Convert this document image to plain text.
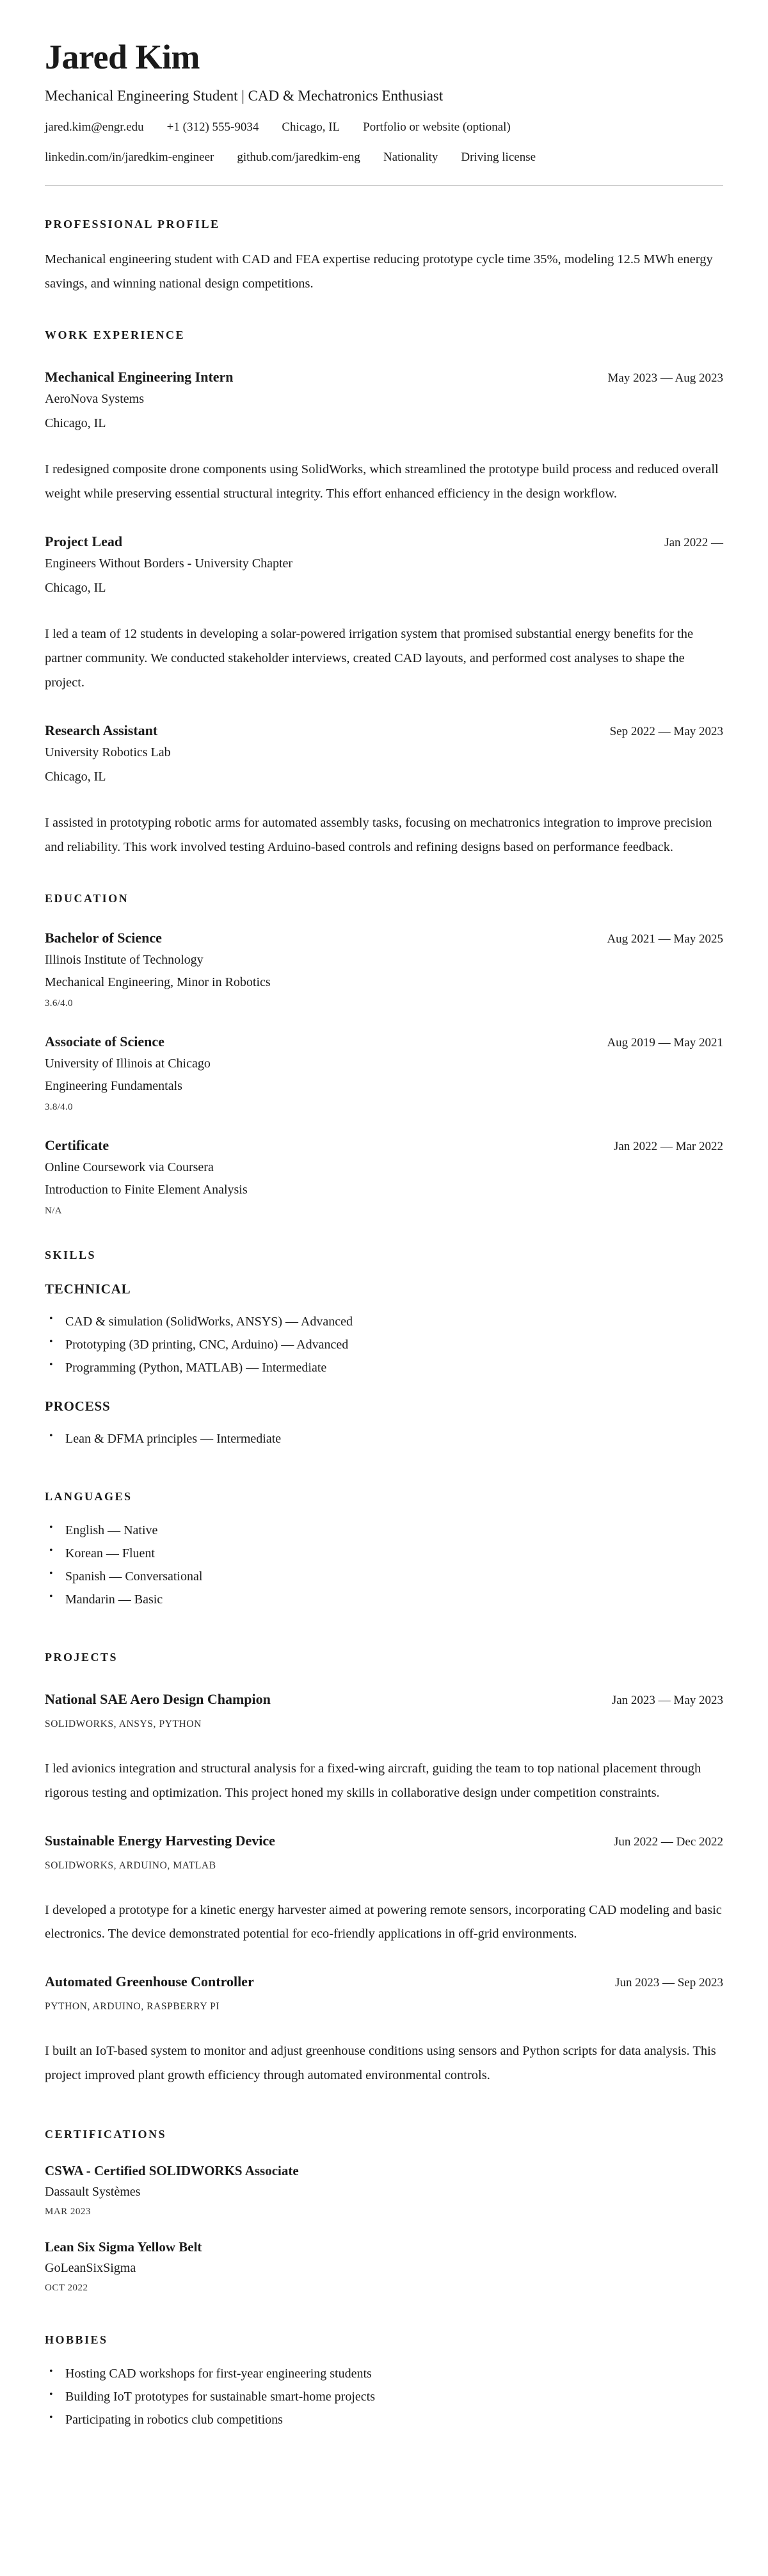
Jared Kim

Mechanical Engineering Student | CAD & Mechatronics Enthusiast

jared.kim@engr.edu +1 (312) 555-9034 Chicago, IL Portfolio or website (optional)
linkedin.com/in/jaredkim-engineer github.com/jaredkim-eng Nationality Driving license
PROFESSIONAL PROFILE

Mechanical engineering student with CAD and FEA expertise reducing prototype cycle time 35%, modeling 12.5 MWh energy savings, and winning national design competitions.

WORK EXPERIENCE
Mechanical Engineering Intern	May 2023 — Aug 2023

AeroNova Systems

Chicago, IL

I redesigned composite drone components using SolidWorks, which streamlined the prototype build process and reduced overall weight while preserving essential structural integrity. This effort enhanced efficiency in the design workflow.

Project Lead	Jan 2022 —

Engineers Without Borders - University Chapter

Chicago, IL

I led a team of 12 students in developing a solar-powered irrigation system that promised substantial energy benefits for the partner community. We conducted stakeholder interviews, created CAD layouts, and performed cost analyses to shape the project.

Research Assistant	Sep 2022 — May 2023

University Robotics Lab

Chicago, IL

I assisted in prototyping robotic arms for automated assembly tasks, focusing on mechatronics integration to improve precision and reliability. This work involved testing Arduino-based controls and refining designs based on performance feedback.

EDUCATION
Bachelor of Science	Aug 2021 — May 2025

Illinois Institute of Technology

Mechanical Engineering, Minor in Robotics

3.6/4.0

Associate of Science	Aug 2019 — May 2021

University of Illinois at Chicago

Engineering Fundamentals

3.8/4.0

Certificate	Jan 2022 — Mar 2022

Online Coursework via Coursera

Introduction to Finite Element Analysis

N/A

SKILLS
TECHNICAL
• CAD & simulation (SolidWorks, ANSYS) — Advanced
• Prototyping (3D printing, CNC, Arduino) — Advanced
• Programming (Python, MATLAB) — Intermediate
PROCESS
• Lean & DFMA principles — Intermediate
LANGUAGES
• English — Native
• Korean — Fluent
• Spanish — Conversational
• Mandarin — Basic
PROJECTS
National SAE Aero Design Champion	Jan 2023 — May 2023

SOLIDWORKS, ANSYS, PYTHON

I led avionics integration and structural analysis for a fixed-wing aircraft, guiding the team to top national placement through rigorous testing and optimization. This project honed my skills in collaborative design under competition constraints.

Sustainable Energy Harvesting Device	Jun 2022 — Dec 2022

SOLIDWORKS, ARDUINO, MATLAB

I developed a prototype for a kinetic energy harvester aimed at powering remote sensors, incorporating CAD modeling and basic electronics. The device demonstrated potential for eco-friendly applications in off-grid environments.

Automated Greenhouse Controller	Jun 2023 — Sep 2023

PYTHON, ARDUINO, RASPBERRY PI

I built an IoT-based system to monitor and adjust greenhouse conditions using sensors and Python scripts for data analysis. This project improved plant growth efficiency through automated environmental controls.

CERTIFICATIONS
CSWA - Certified SOLIDWORKS Associate

Dassault Systèmes

MAR 2023

Lean Six Sigma Yellow Belt

GoLeanSixSigma

OCT 2022

HOBBIES
• Hosting CAD workshops for first-year engineering students
• Building IoT prototypes for sustainable smart-home projects
• Participating in robotics club competitions
